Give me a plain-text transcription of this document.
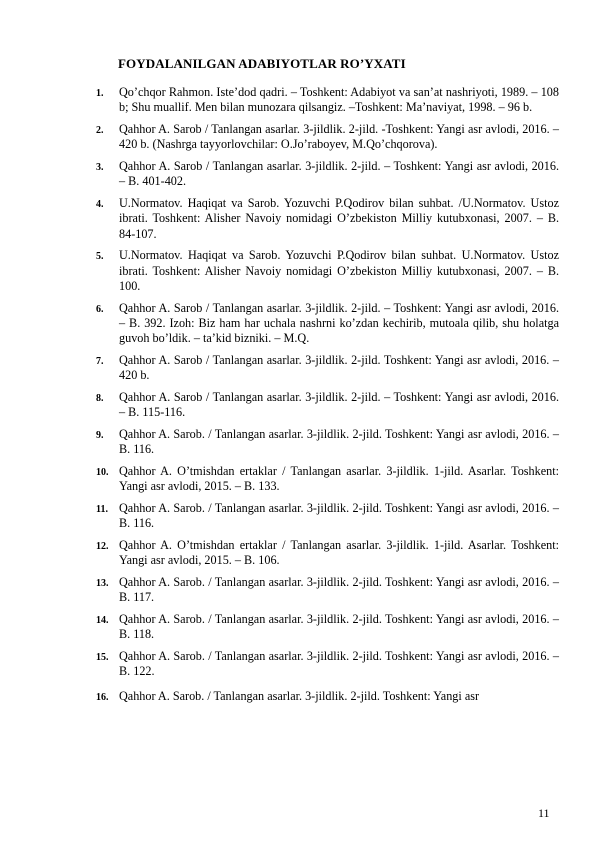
FOYDALANILGAN ADABIYOTLAR RO’YXATI
1. Qo’chqor Rahmon. Iste’dod qadri. – Toshkent: Adabiyot va san’at nashriyoti, 1989. – 108 b; Shu muallif. Men bilan munozara qilsangiz. –Toshkent: Ma’naviyat, 1998. – 96 b.
2. Qahhor A. Sarob / Tanlangan asarlar. 3-jildlik. 2-jild. -Toshkent: Yangi asr avlodi, 2016. – 420 b. (Nashrga tayyorlovchilar: O.Jo’raboyev, M.Qo’chqorova).
3. Qahhor A. Sarob / Tanlangan asarlar. 3-jildlik. 2-jild. – Toshkent: Yangi asr avlodi, 2016. – B. 401-402.
4. U.Normatov. Haqiqat va Sarob. Yozuvchi P.Qodirov bilan suhbat. /U.Normatov. Ustoz ibrati. Toshkent: Alisher Navoiy nomidagi O’zbekiston Milliy kutubxonasi, 2007. – B. 84-107.
5. U.Normatov. Haqiqat va Sarob. Yozuvchi P.Qodirov bilan suhbat. U.Normatov. Ustoz ibrati. Toshkent: Alisher Navoiy nomidagi O’zbekiston Milliy kutubxonasi, 2007. – B. 100.
6. Qahhor A. Sarob / Tanlangan asarlar. 3-jildlik. 2-jild. – Toshkent: Yangi asr avlodi, 2016. – B. 392. Izoh: Biz ham har uchala nashrni ko’zdan kechirib, mutoala qilib, shu holatga guvoh bo’ldik. – ta’kid bizniki. – M.Q.
7. Qahhor A. Sarob / Tanlangan asarlar. 3-jildlik. 2-jild. Toshkent: Yangi asr avlodi, 2016. – 420 b.
8. Qahhor A. Sarob / Tanlangan asarlar. 3-jildlik. 2-jild. – Toshkent: Yangi asr avlodi, 2016. – B. 115-116.
9. Qahhor A. Sarob. / Tanlangan asarlar. 3-jildlik. 2-jild. Toshkent: Yangi asr avlodi, 2016. – B. 116.
10. Qahhor A. O’tmishdan ertaklar / Tanlangan asarlar. 3-jildlik. 1-jild. Asarlar. Toshkent: Yangi asr avlodi, 2015. – B. 133.
11. Qahhor A. Sarob. / Tanlangan asarlar. 3-jildlik. 2-jild. Toshkent: Yangi asr avlodi, 2016. – B. 116.
12. Qahhor A. O’tmishdan ertaklar / Tanlangan asarlar. 3-jildlik. 1-jild. Asarlar. Toshkent: Yangi asr avlodi, 2015. – B. 106.
13. Qahhor A. Sarob. / Tanlangan asarlar. 3-jildlik. 2-jild. Toshkent: Yangi asr avlodi, 2016. – B. 117.
14. Qahhor A. Sarob. / Tanlangan asarlar. 3-jildlik. 2-jild. Toshkent: Yangi asr avlodi, 2016. – B. 118.
15. Qahhor A. Sarob. / Tanlangan asarlar. 3-jildlik. 2-jild. Toshkent: Yangi asr avlodi, 2016. – B. 122.
16. Qahhor A. Sarob. / Tanlangan asarlar. 3-jildlik. 2-jild. Toshkent: Yangi asr
11
